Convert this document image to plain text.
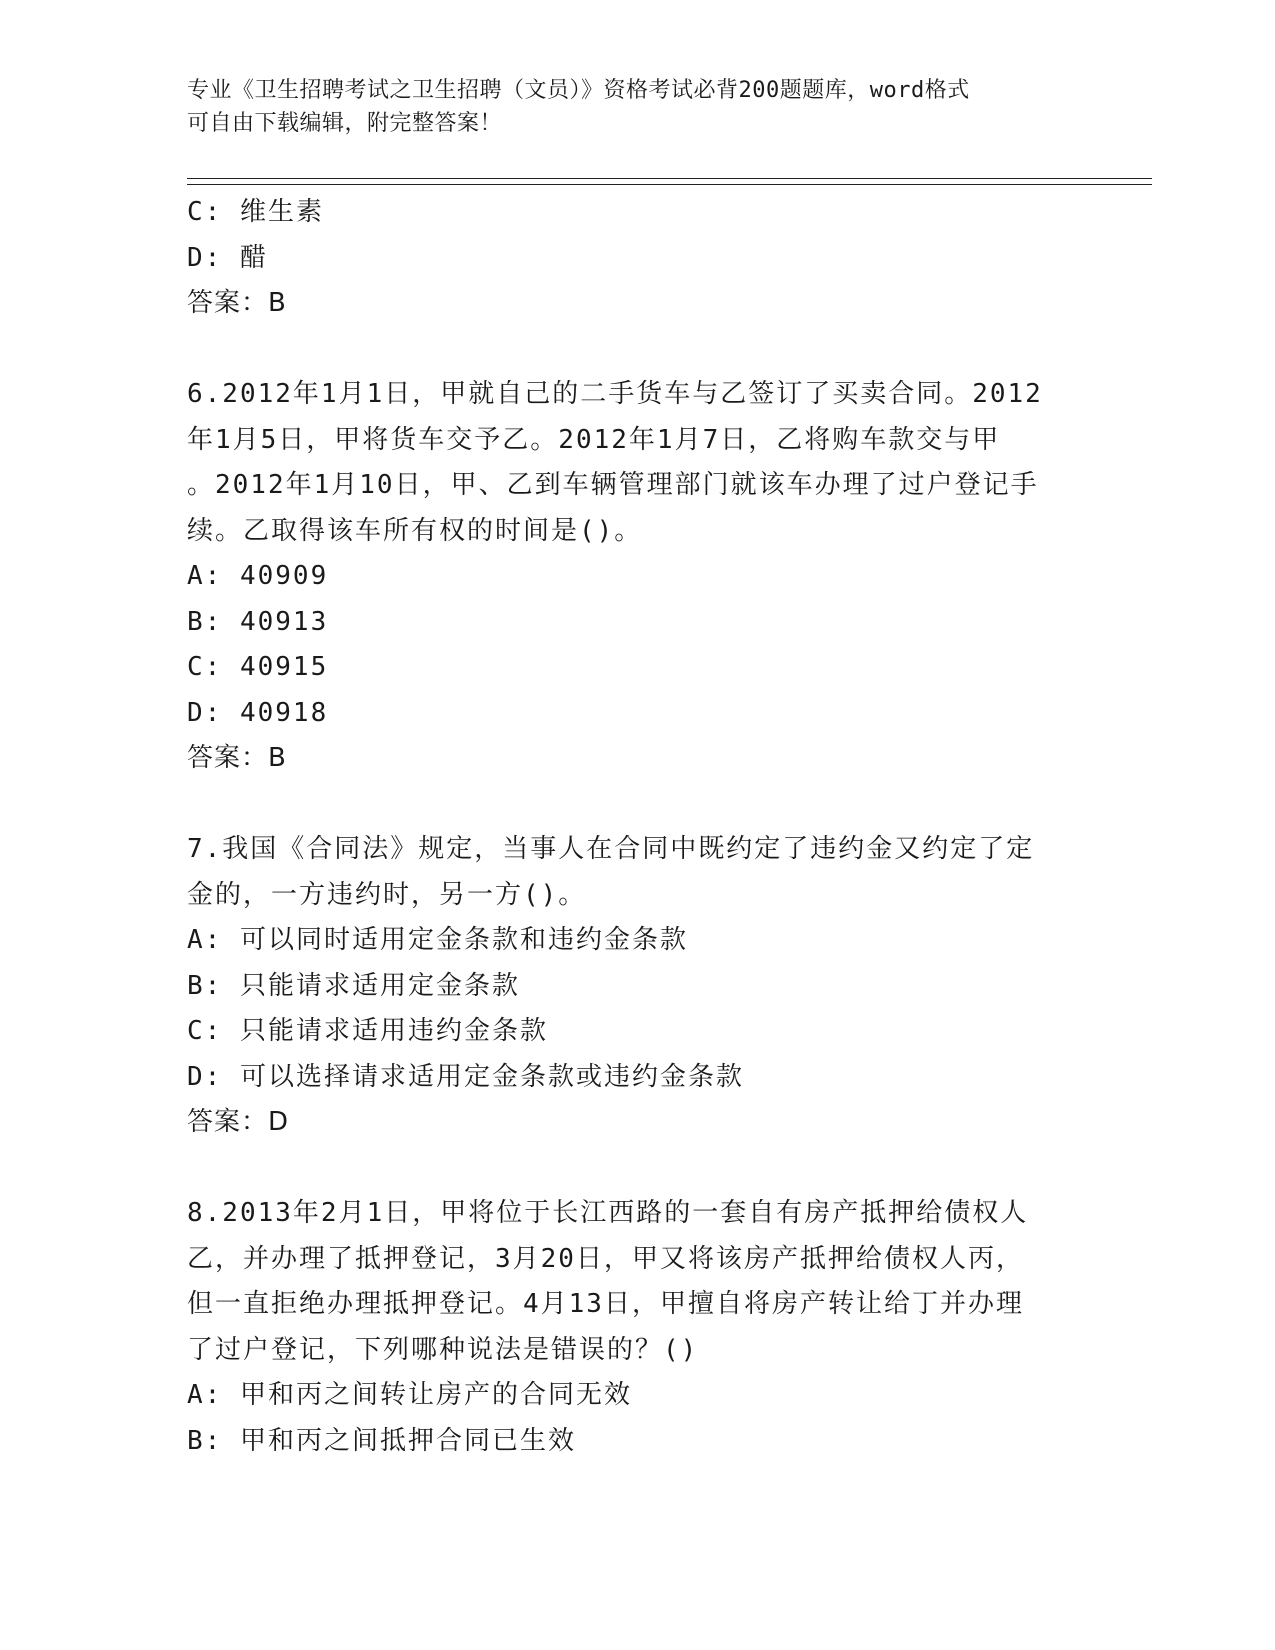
专业《卫生招聘考试之卫生招聘（文员）》资格考试必背200题题库，word格式
可自由下载编辑，附完整答案！
C: 维生素
D: 醋
答案：B
6.2012年1月1日，甲就自己的二手货车与乙签订了买卖合同。2012
年1月5日，甲将货车交予乙。2012年1月7日，乙将购车款交与甲
。2012年1月10日，甲、乙到车辆管理部门就该车办理了过户登记手
续。乙取得该车所有权的时间是()。
A: 40909
B: 40913
C: 40915
D: 40918
答案：B
7.我国《合同法》规定，当事人在合同中既约定了违约金又约定了定
金的，一方违约时，另一方()。
A: 可以同时适用定金条款和违约金条款
B: 只能请求适用定金条款
C: 只能请求适用违约金条款
D: 可以选择请求适用定金条款或违约金条款
答案：D
8.2013年2月1日，甲将位于长江西路的一套自有房产抵押给债权人
乙，并办理了抵押登记，3月20日，甲又将该房产抵押给债权人丙，
但一直拒绝办理抵押登记。4月13日，甲擅自将房产转让给丁并办理
了过户登记，下列哪种说法是错误的？()
A: 甲和丙之间转让房产的合同无效
B: 甲和丙之间抵押合同已生效
